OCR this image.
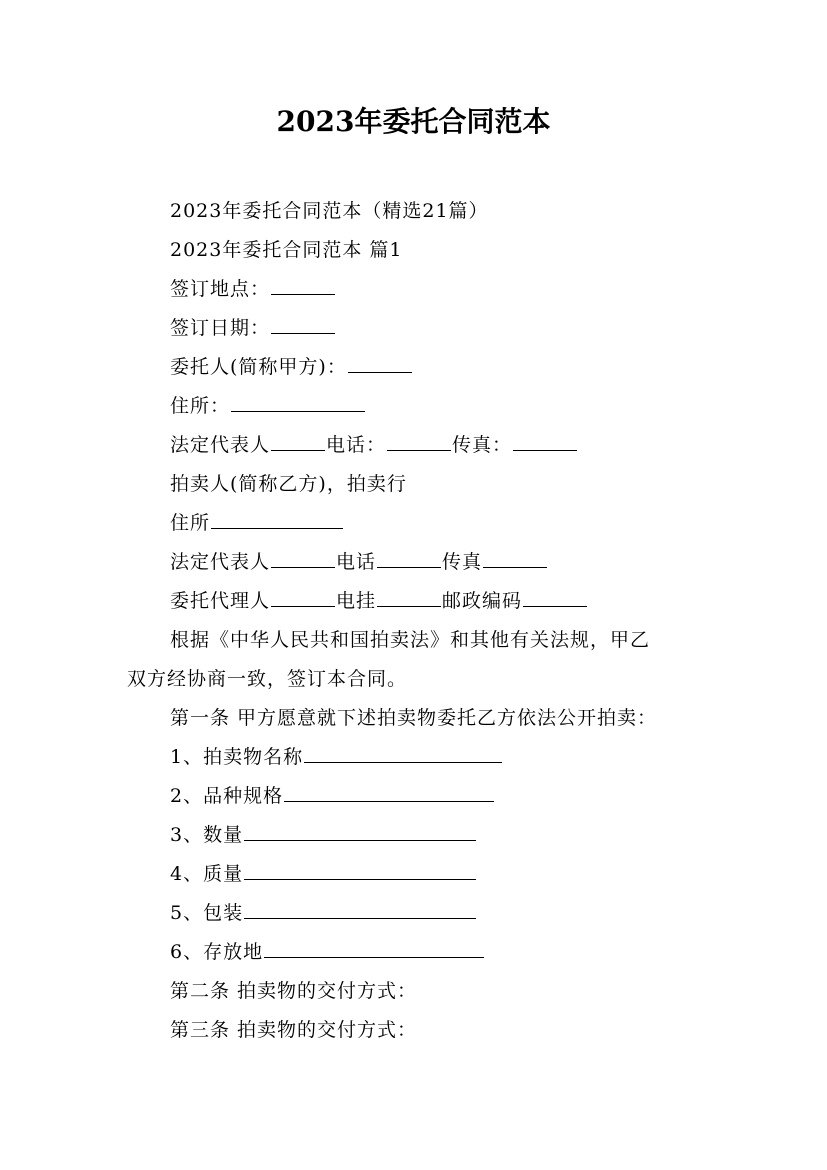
2023年委托合同范本
2023年委托合同范本（精选21篇）
2023年委托合同范本 篇1
签订地点：
签订日期：
委托人(简称甲方)：
住所：
法定代表人	电话：	传真：
拍卖人(简称乙方)，拍卖行
住所
法定代表人	电话	传真
委托代理人	电挂	邮政编码
根据《中华人民共和国拍卖法》和其他有关法规，甲乙
双方经协商一致，签订本合同。
第一条 甲方愿意就下述拍卖物委托乙方依法公开拍卖：
1、拍卖物名称
2、品种规格
3、数量
4、质量
5、包装
6、存放地
第二条 拍卖物的交付方式：
第三条 拍卖物的交付方式：
